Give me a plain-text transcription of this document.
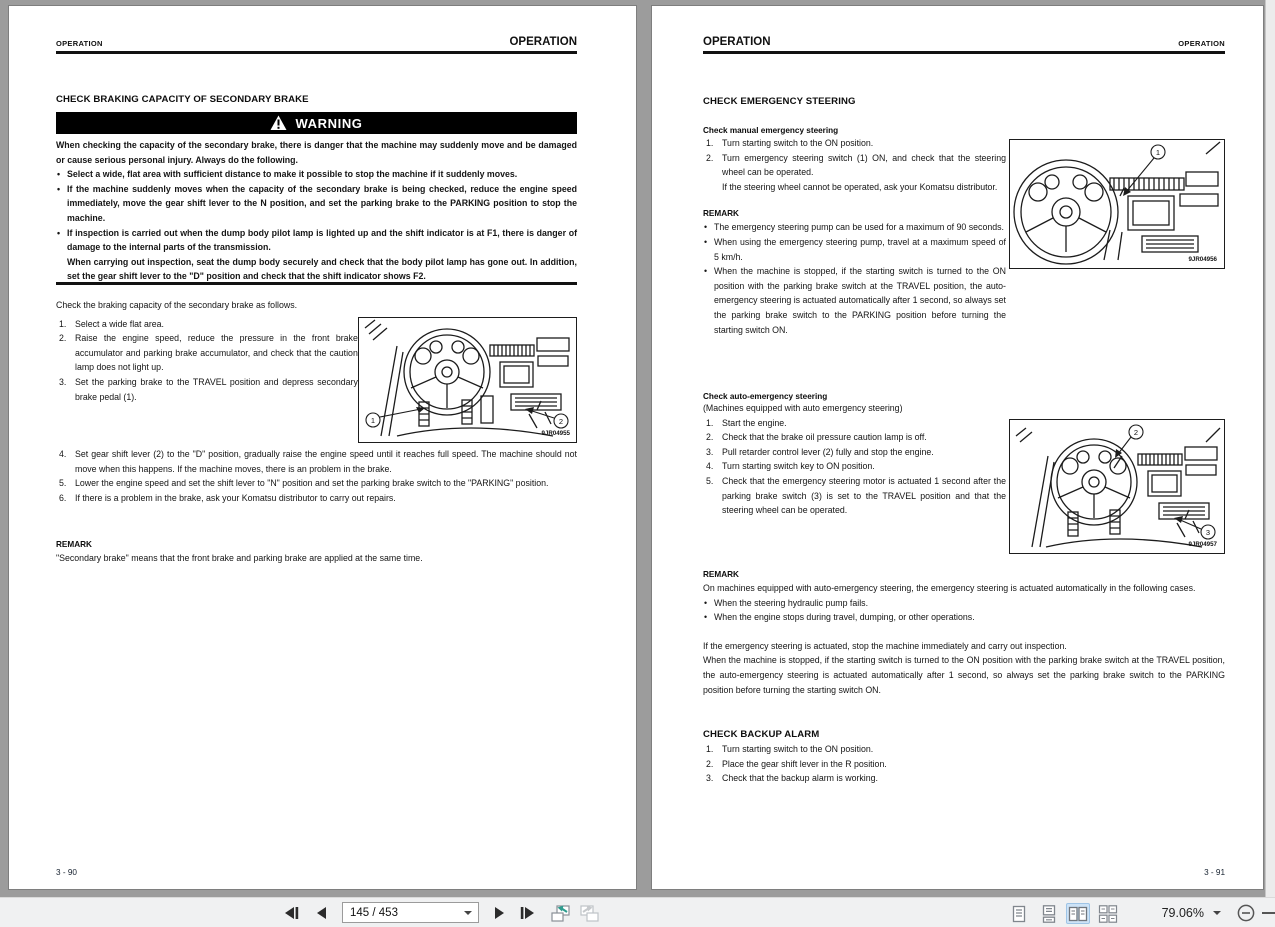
OPERATION	OPERATION
CHECK BRAKING CAPACITY OF SECONDARY BRAKE
WARNING
When checking the capacity of the secondary brake, there is danger that the machine may suddenly move and be damaged or cause serious personal injury. Always do the following.
• Select a wide, flat area with sufficient distance to make it possible to stop the machine if it suddenly moves.
• If the machine suddenly moves when the capacity of the secondary brake is being checked, reduce the engine speed immediately, move the gear shift lever to the N position, and set the parking brake to the PARKING position to stop the machine.
• If inspection is carried out when the dump body pilot lamp is lighted up and the shift indicator is at F1, there is danger of damage to the internal parts of the transmission.
When carrying out inspection, seat the dump body securely and check that the body pilot lamp has gone out. In addition, set the gear shift lever to the "D" position and check that the shift indicator shows F2.
Check the braking capacity of the secondary brake as follows.
1. Select a wide flat area.
2. Raise the engine speed, reduce the pressure in the front brake accumulator and parking brake accumulator, and check that the caution lamp does not light up.
3. Set the parking brake to the TRAVEL position and depress secondary brake pedal (1).
1	2
9JR04955
4. Set gear shift lever (2) to the "D" position, gradually raise the engine speed until it reaches full speed. The machine should not move when this happens. If the machine moves, there is an problem in the brake.
5. Lower the engine speed and set the shift lever to "N" position and set the parking brake switch to the "PARKING" position.
6. If there is a problem in the brake, ask your Komatsu distributor to carry out repairs.
REMARK
"Secondary brake" means that the front brake and parking brake are applied at the same time.
3 - 90
OPERATION	OPERATION
CHECK EMERGENCY STEERING
Check manual emergency steering
1. Turn starting switch to the ON position.
2. Turn emergency steering switch (1) ON, and check that the steering wheel can be operated.
If the steering wheel cannot be operated, ask your Komatsu distributor.
REMARK
• The emergency steering pump can be used for a maximum of 90 seconds.
• When using the emergency steering pump, travel at a maximum speed of 5 km/h.
• When the machine is stopped, if the starting switch is turned to the ON position with the parking brake switch at the TRAVEL position, the auto-emergency steering is actuated automatically after 1 second, so always set the parking brake switch to the PARKING position before turning the starting switch ON.
1
9JR04956
Check auto-emergency steering
(Machines equipped with auto emergency steering)
1. Start the engine.
2. Check that the brake oil pressure caution lamp is off.
3. Pull retarder control lever (2) fully and stop the engine.
4. Turn starting switch key to ON position.
5. Check that the emergency steering motor is actuated 1 second after the parking brake switch (3) is set to the TRAVEL position and that the steering wheel can be operated.
2
3
9JR04957
REMARK
On machines equipped with auto-emergency steering, the emergency steering is actuated automatically in the following cases.
• When the steering hydraulic pump fails.
• When the engine stops during travel, dumping, or other operations.
If the emergency steering is actuated, stop the machine immediately and carry out inspection.
When the machine is stopped, if the starting switch is turned to the ON position with the parking brake switch at the TRAVEL position, the auto-emergency steering is actuated automatically after 1 second, so always set the parking brake switch to the PARKING position before turning the starting switch ON.
CHECK BACKUP ALARM
1. Turn starting switch to the ON position.
2. Place the gear shift lever in the R position.
3. Check that the backup alarm is working.
3 - 91
145 / 453
79.06%
